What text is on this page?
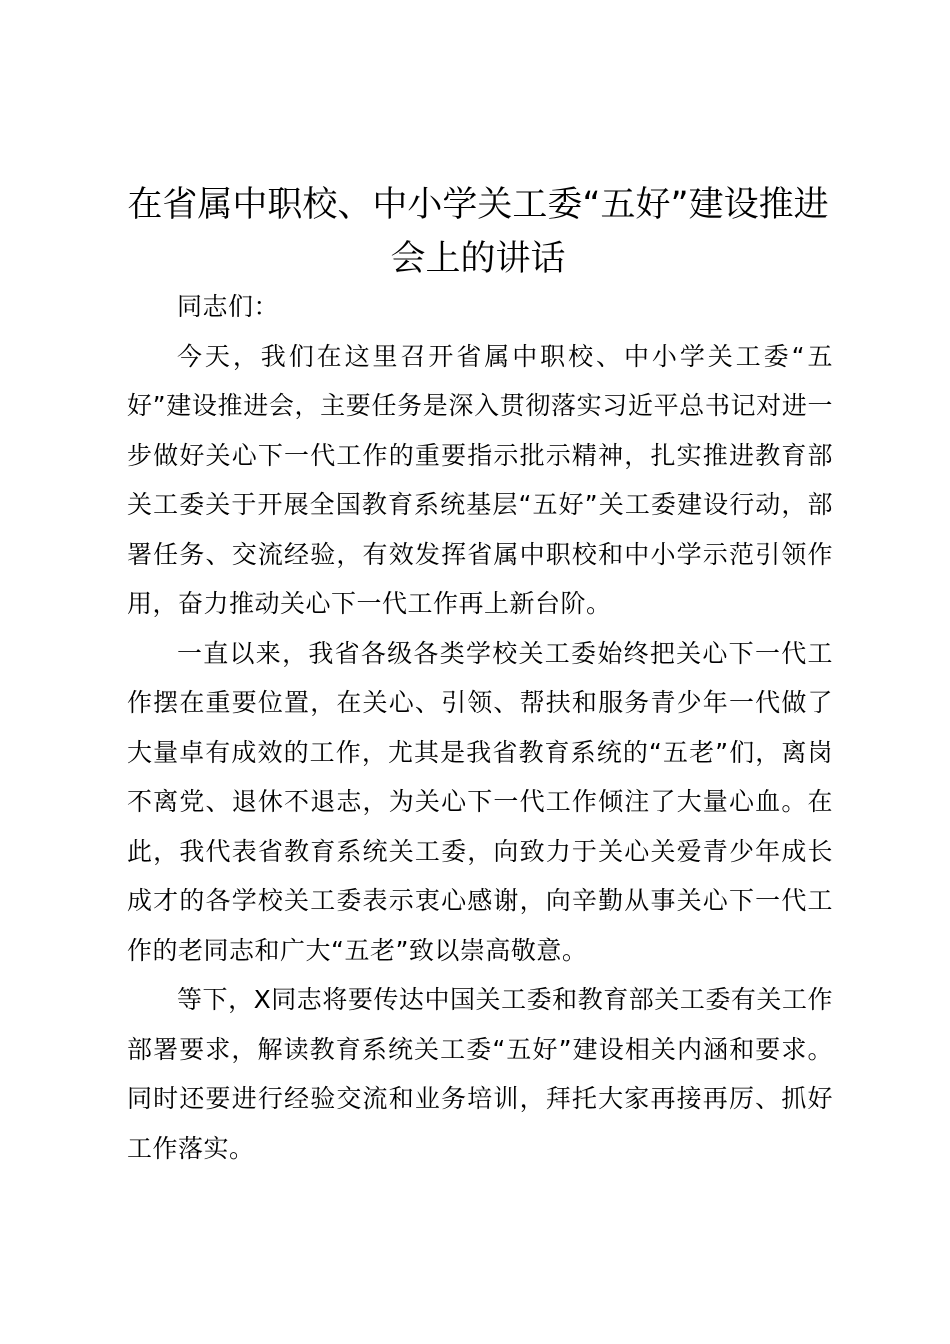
在省属中职校、中小学关工委“五好”建设推进会上的讲话

同志们：

今天，我们在这里召开省属中职校、中小学关工委“五好”建设推进会，主要任务是深入贯彻落实习近平总书记对进一步做好关心下一代工作的重要指示批示精神，扎实推进教育部关工委关于开展全国教育系统基层“五好”关工委建设行动，部署任务、交流经验，有效发挥省属中职校和中小学示范引领作用，奋力推动关心下一代工作再上新台阶。

一直以来，我省各级各类学校关工委始终把关心下一代工作摆在重要位置，在关心、引领、帮扶和服务青少年一代做了大量卓有成效的工作，尤其是我省教育系统的“五老”们，离岗不离党、退休不退志，为关心下一代工作倾注了大量心血。在此，我代表省教育系统关工委，向致力于关心关爱青少年成长成才的各学校关工委表示衷心感谢，向辛勤从事关心下一代工作的老同志和广大“五老”致以崇高敬意。

等下，X同志将要传达中国关工委和教育部关工委有关工作部署要求，解读教育系统关工委“五好”建设相关内涵和要求。同时还要进行经验交流和业务培训，拜托大家再接再厉、抓好工作落实。
